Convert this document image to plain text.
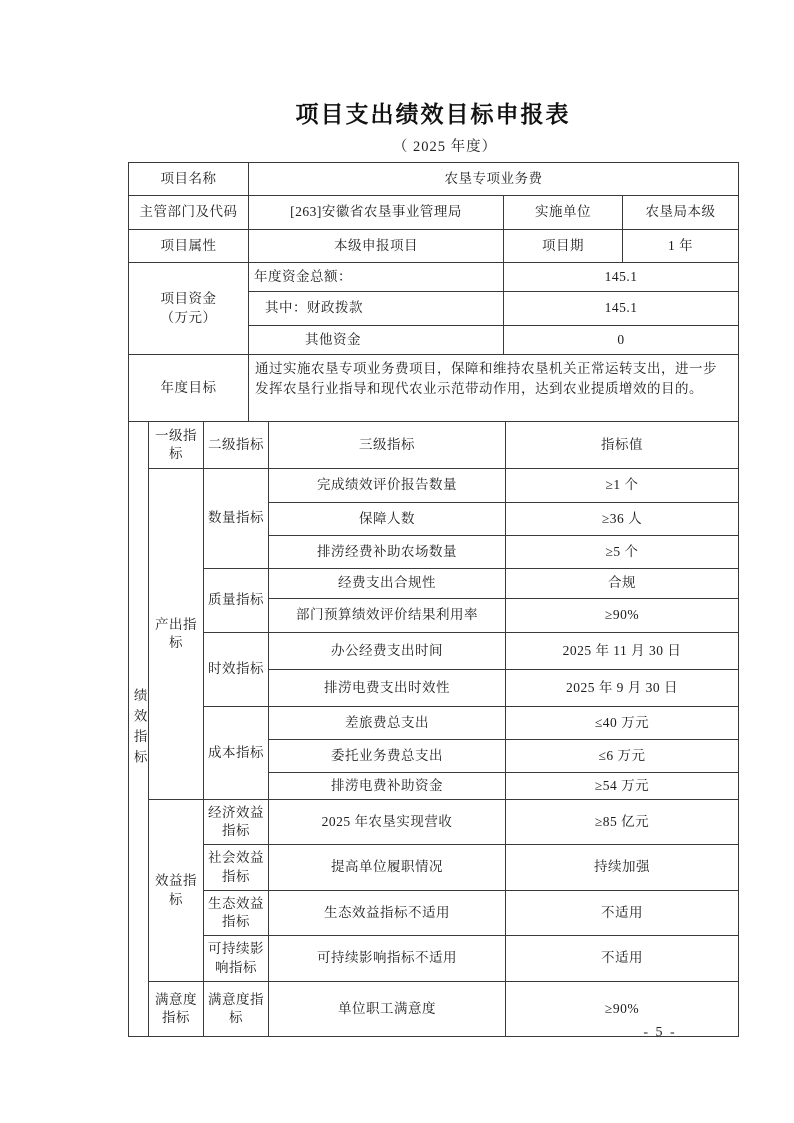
项目支出绩效目标申报表
（ 2025 年度）
项目名称	农垦专项业务费		
主管部门及代码	[263]安徽省农垦事业管理局	实施单位	农垦局本级
项目属性	本级申报项目	项目期	1 年

项目资金
（万元）	年度资金总额：	145.1	
	其中：财政拨款	145.1	
	其他资金	0	
年度目标	通过实施农垦专项业务费项目，保障和维持农垦机关正常运转支出，进一步发挥农垦行业指导和现代农业示范带动作用，达到农业提质增效的目的。		
绩效指标	一级指标	二级指标	三级指标	指标值
	产出指标	数量指标	完成绩效评价报告数量	≥1 个
			保障人数	≥36 人
			排涝经费补助农场数量	≥5 个
		质量指标	经费支出合规性	合规
			部门预算绩效评价结果利用率	≥90%
		时效指标	办公经费支出时间	2025 年 11 月 30 日
			排涝电费支出时效性	2025 年 9 月 30 日
		成本指标	差旅费总支出	≤40 万元
			委托业务费总支出	≤6 万元
			排涝电费补助资金	≥54 万元
	效益指标	经济效益指标	2025 年农垦实现营收	≥85 亿元
		社会效益指标	提高单位履职情况	持续加强
		生态效益指标	生态效益指标不适用	不适用
		可持续影响指标	可持续影响指标不适用	不适用
	满意度指标	满意度指标	单位职工满意度	≥90%
- 5 -
